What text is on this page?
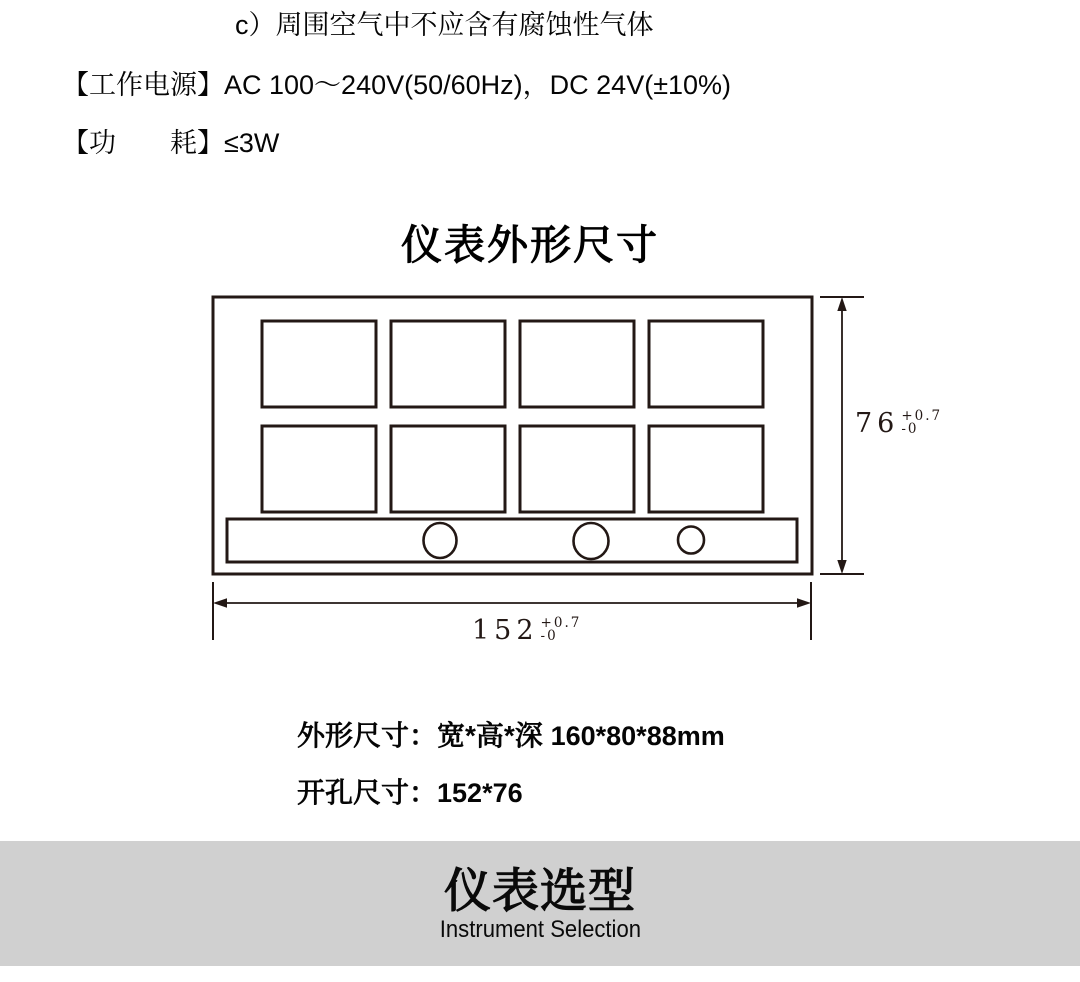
c）周围空气中不应含有腐蚀性气体
【工作电源】AC 100～240V(50/60Hz)，DC 24V(±10%)
【功　　耗】≤3W
仪表外形尺寸
76 +0.7
-0
152 +0.7
-0
外形尺寸：宽*高*深 160*80*88mm
开孔尺寸：152*76
仪表选型
Instrument Selection
